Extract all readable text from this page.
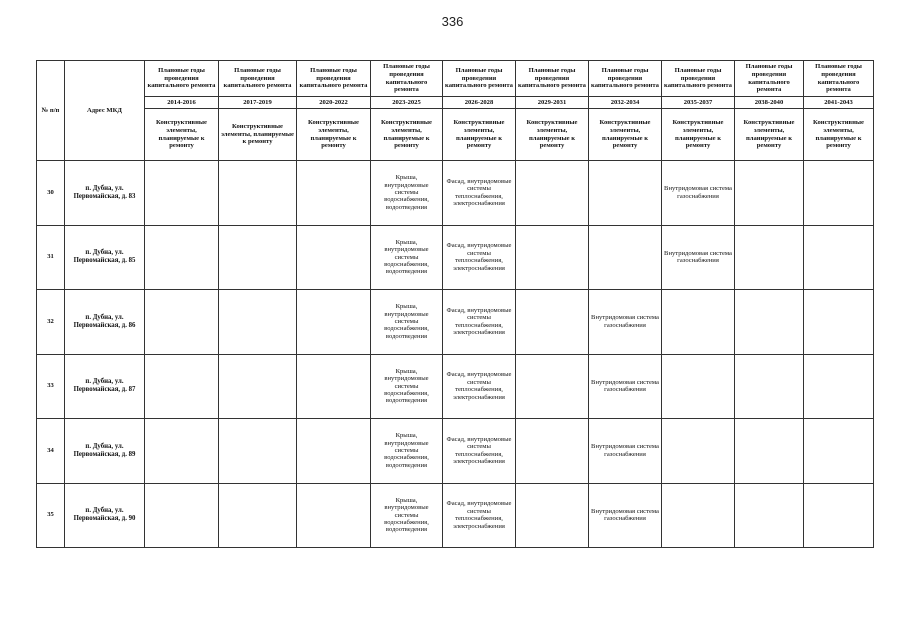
336
№ п/п	Адрес МКД	Плановые годы проведения капитального ремонта	Плановые годы проведения капитального ремонта	Плановые годы проведения капитального ремонта	Плановые годы проведения капитального ремонта	Плановые годы проведения капитального ремонта	Плановые годы проведения капитального ремонта	Плановые годы проведения капитального ремонта	Плановые годы проведения капитального ремонта	Плановые годы проведения капитального ремонта	Плановые годы проведения капитального ремонта
		2014-2016	2017-2019	2020-2022	2023-2025	2026-2028	2029-2031	2032-2034	2035-2037	2038-2040	2041-2043
		Конструктивные элементы, планируемые к ремонту	Конструктивные элементы, планируемые к ремонту	Конструктивные элементы, планируемые к ремонту	Конструктивные элементы, планируемые к ремонту	Конструктивные элементы, планируемые к ремонту	Конструктивные элементы, планируемые к ремонту	Конструктивные элементы, планируемые к ремонту	Конструктивные элементы, планируемые к ремонту	Конструктивные элементы, планируемые к ремонту	Конструктивные элементы, планируемые к ремонту
30	п. Дубна, ул. Первомайская, д. 83				Крыша, внутридомовые системы водоснабжения, водоотведения	Фасад, внутридомовые системы теплоснабжения, электроснабжения			Внутридомовая система газоснабжения		
31	п. Дубна, ул. Первомайская, д. 85				Крыша, внутридомовые системы водоснабжения, водоотведения	Фасад, внутридомовые системы теплоснабжения, электроснабжения			Внутридомовая система газоснабжения		
32	п. Дубна, ул. Первомайская, д. 86				Крыша, внутридомовые системы водоснабжения, водоотведения	Фасад, внутридомовые системы теплоснабжения, электроснабжения		Внутридомовая система газоснабжения			
33	п. Дубна, ул. Первомайская, д. 87				Крыша, внутридомовые системы водоснабжения, водоотведения	Фасад, внутридомовые системы теплоснабжения, электроснабжения		Внутридомовая система газоснабжения			
34	п. Дубна, ул. Первомайская, д. 89				Крыша, внутридомовые системы водоснабжения, водоотведения	Фасад, внутридомовые системы теплоснабжения, электроснабжения		Внутридомовая система газоснабжения			
35	п. Дубна, ул. Первомайская, д. 90				Крыша, внутридомовые системы водоснабжения, водоотведения	Фасад, внутридомовые системы теплоснабжения, электроснабжения		Внутридомовая система газоснабжения			
